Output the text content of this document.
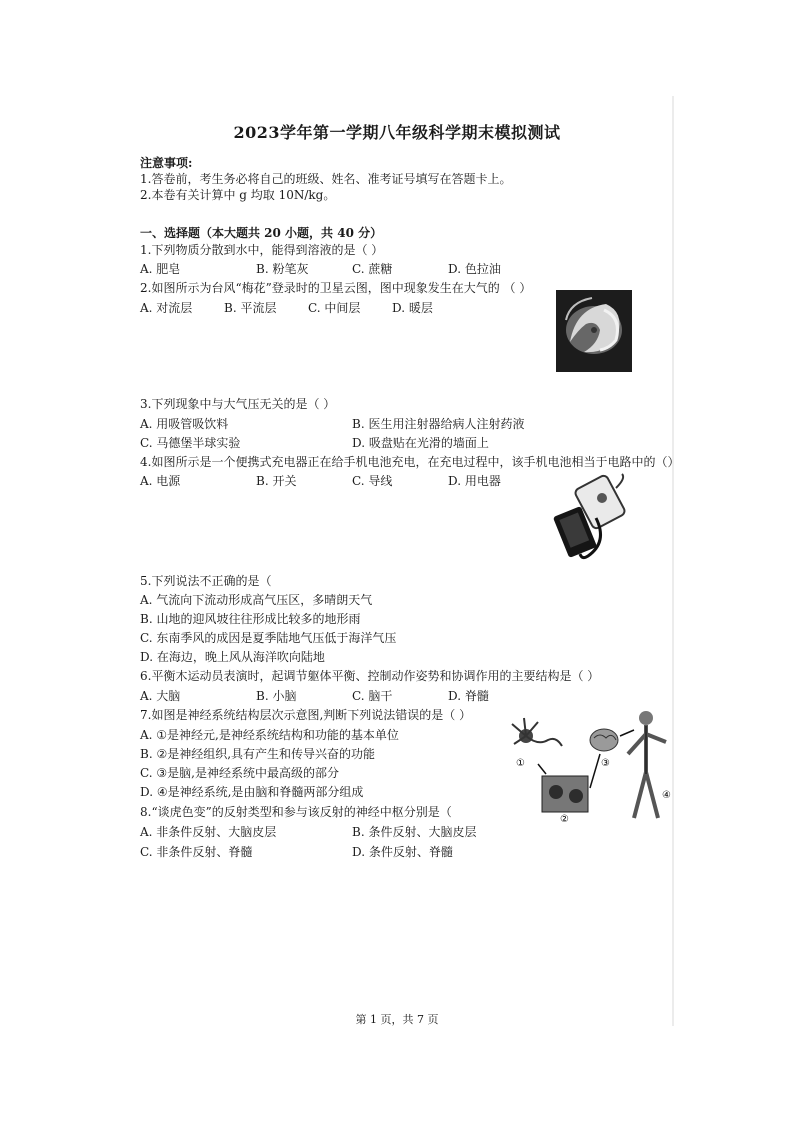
2023学年第一学期八年级科学期末模拟测试
注意事项:
1.答卷前，考生务必将自己的班级、姓名、准考证号填写在答题卡上。
2.本卷有关计算中 g 均取 10N/kg。
一、选择题（本大题共 20 小题，共 40 分）
1.下列物质分散到水中，能得到溶液的是（ ）
A. 肥皂	B. 粉笔灰	C. 蔗糖	D. 色拉油
2.如图所示为台风“梅花”登录时的卫星云图，图中现象发生在大气的 （ ）
A. 对流层	B. 平流层	C. 中间层	D. 暖层
3.下列现象中与大气压无关的是（ ）
A. 用吸管吸饮料	B. 医生用注射器给病人注射药液
C. 马德堡半球实验	D. 吸盘贴在光滑的墙面上
4.如图所示是一个便携式充电器正在给手机电池充电，在充电过程中，该手机电池相当于电路中的（）
A. 电源	B. 开关	C. 导线	D. 用电器
5.下列说法不正确的是（
A. 气流向下流动形成高气压区，多晴朗天气
B. 山地的迎风坡往往形成比较多的地形雨
C. 东南季风的成因是夏季陆地气压低于海洋气压
D. 在海边，晚上风从海洋吹向陆地
6.平衡木运动员表演时，起调节躯体平衡、控制动作姿势和协调作用的主要结构是（ ）
A. 大脑	B. 小脑	C. 脑干	D. 脊髓
7.如图是神经系统结构层次示意图,判断下列说法错误的是（ ）
A. ①是神经元,是神经系统结构和功能的基本单位
B. ②是神经组织,具有产生和传导兴奋的功能
C. ③是脑,是神经系统中最高级的部分
D. ④是神经系统,是由脑和脊髓两部分组成
①
②
③
④
8.“谈虎色变”的反射类型和参与该反射的神经中枢分别是（
A. 非条件反射、大脑皮层	B. 条件反射、大脑皮层
C. 非条件反射、脊髓	D. 条件反射、脊髓
第 1 页，共 7 页
